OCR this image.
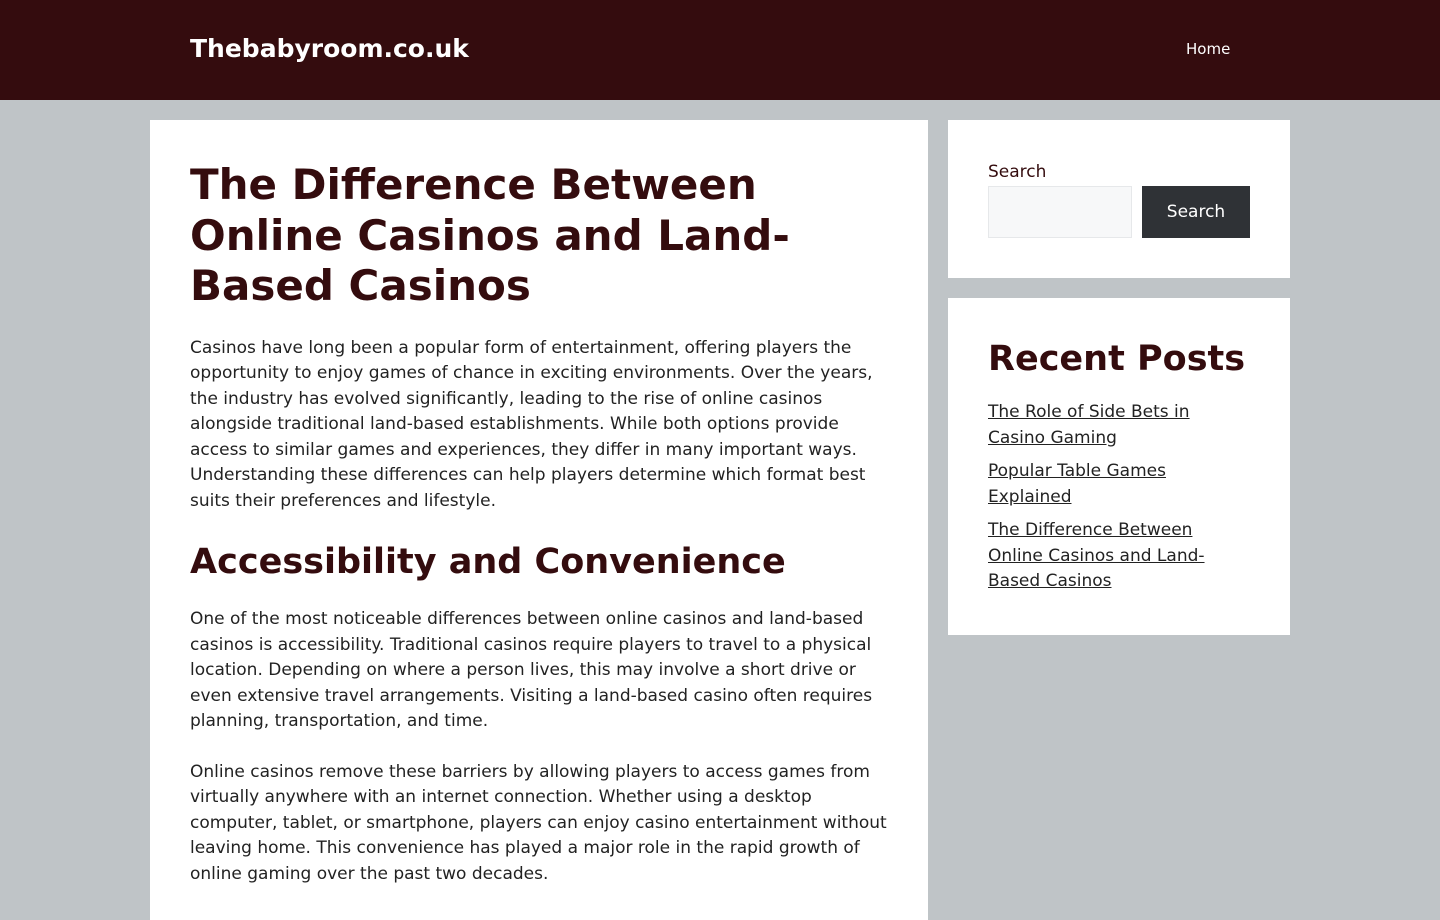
Thebabyroom.co.uk	Home
The Difference Between Online Casinos and Land-Based Casinos

Casinos have long been a popular form of entertainment, offering players the opportunity to enjoy games of chance in exciting environments. Over the years, the industry has evolved significantly, leading to the rise of online casinos alongside traditional land-based establishments. While both options provide access to similar games and experiences, they differ in many important ways. Understanding these differences can help players determine which format best suits their preferences and lifestyle.

Accessibility and Convenience

One of the most noticeable differences between online casinos and land-based casinos is accessibility. Traditional casinos require players to travel to a physical location. Depending on where a person lives, this may involve a short drive or even extensive travel arrangements. Visiting a land-based casino often requires planning, transportation, and time.

Online casinos remove these barriers by allowing players to access games from virtually anywhere with an internet connection. Whether using a desktop computer, tablet, or smartphone, players can enjoy casino entertainment without leaving home. This convenience has played a major role in the rapid growth of online gaming over the past two decades.

Search
Search
Recent Posts
The Role of Side Bets in Casino Gaming
Popular Table Games Explained
The Difference Between Online Casinos and Land-Based Casinos
